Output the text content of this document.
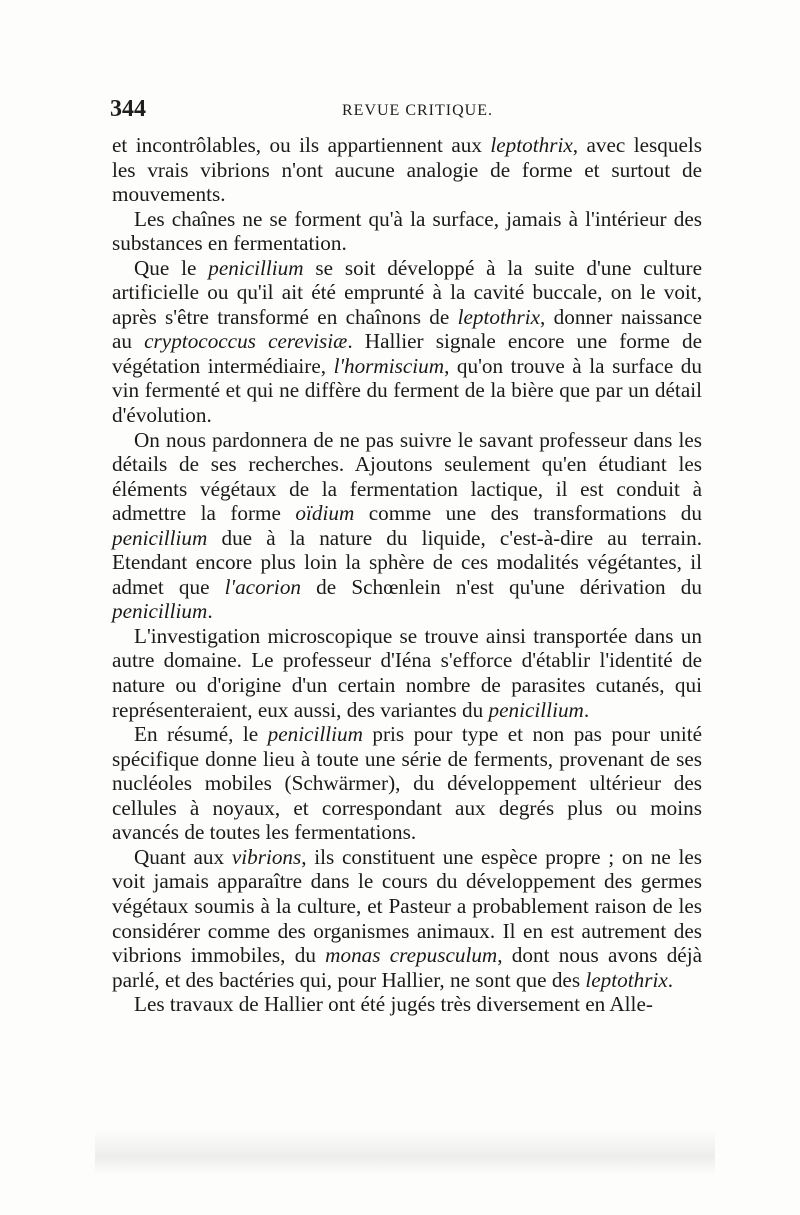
344	REVUE CRITIQUE.

et incontrôlables, ou ils appartiennent aux leptothrix, avec lesquels les vrais vibrions n'ont aucune analogie de forme et surtout de mouvements.

Les chaînes ne se forment qu'à la surface, jamais à l'intérieur des substances en fermentation.

Que le penicillium se soit développé à la suite d'une culture artificielle ou qu'il ait été emprunté à la cavité buccale, on le voit, après s'être transformé en chaînons de leptothrix, donner naissance au cryptococcus cerevisiæ. Hallier signale encore une forme de végétation intermédiaire, l'hormiscium, qu'on trouve à la surface du vin fermenté et qui ne diffère du ferment de la bière que par un détail d'évolution.

On nous pardonnera de ne pas suivre le savant professeur dans les détails de ses recherches. Ajoutons seulement qu'en étudiant les éléments végétaux de la fermentation lactique, il est conduit à admettre la forme oïdium comme une des transformations du penicillium due à la nature du liquide, c'est-à-dire au terrain. Etendant encore plus loin la sphère de ces modalités végétantes, il admet que l'acorion de Schœnlein n'est qu'une dérivation du penicillium.

L'investigation microscopique se trouve ainsi transportée dans un autre domaine. Le professeur d'Iéna s'efforce d'établir l'identité de nature ou d'origine d'un certain nombre de parasites cutanés, qui représenteraient, eux aussi, des variantes du penicillium.

En résumé, le penicillium pris pour type et non pas pour unité spécifique donne lieu à toute une série de ferments, provenant de ses nucléoles mobiles (Schwärmer), du développement ultérieur des cellules à noyaux, et correspondant aux degrés plus ou moins avancés de toutes les fermentations.

Quant aux vibrions, ils constituent une espèce propre ; on ne les voit jamais apparaître dans le cours du développement des germes végétaux soumis à la culture, et Pasteur a probablement raison de les considérer comme des organismes animaux. Il en est autrement des vibrions immobiles, du monas crepusculum, dont nous avons déjà parlé, et des bactéries qui, pour Hallier, ne sont que des leptothrix.

Les travaux de Hallier ont été jugés très diversement en Alle-
